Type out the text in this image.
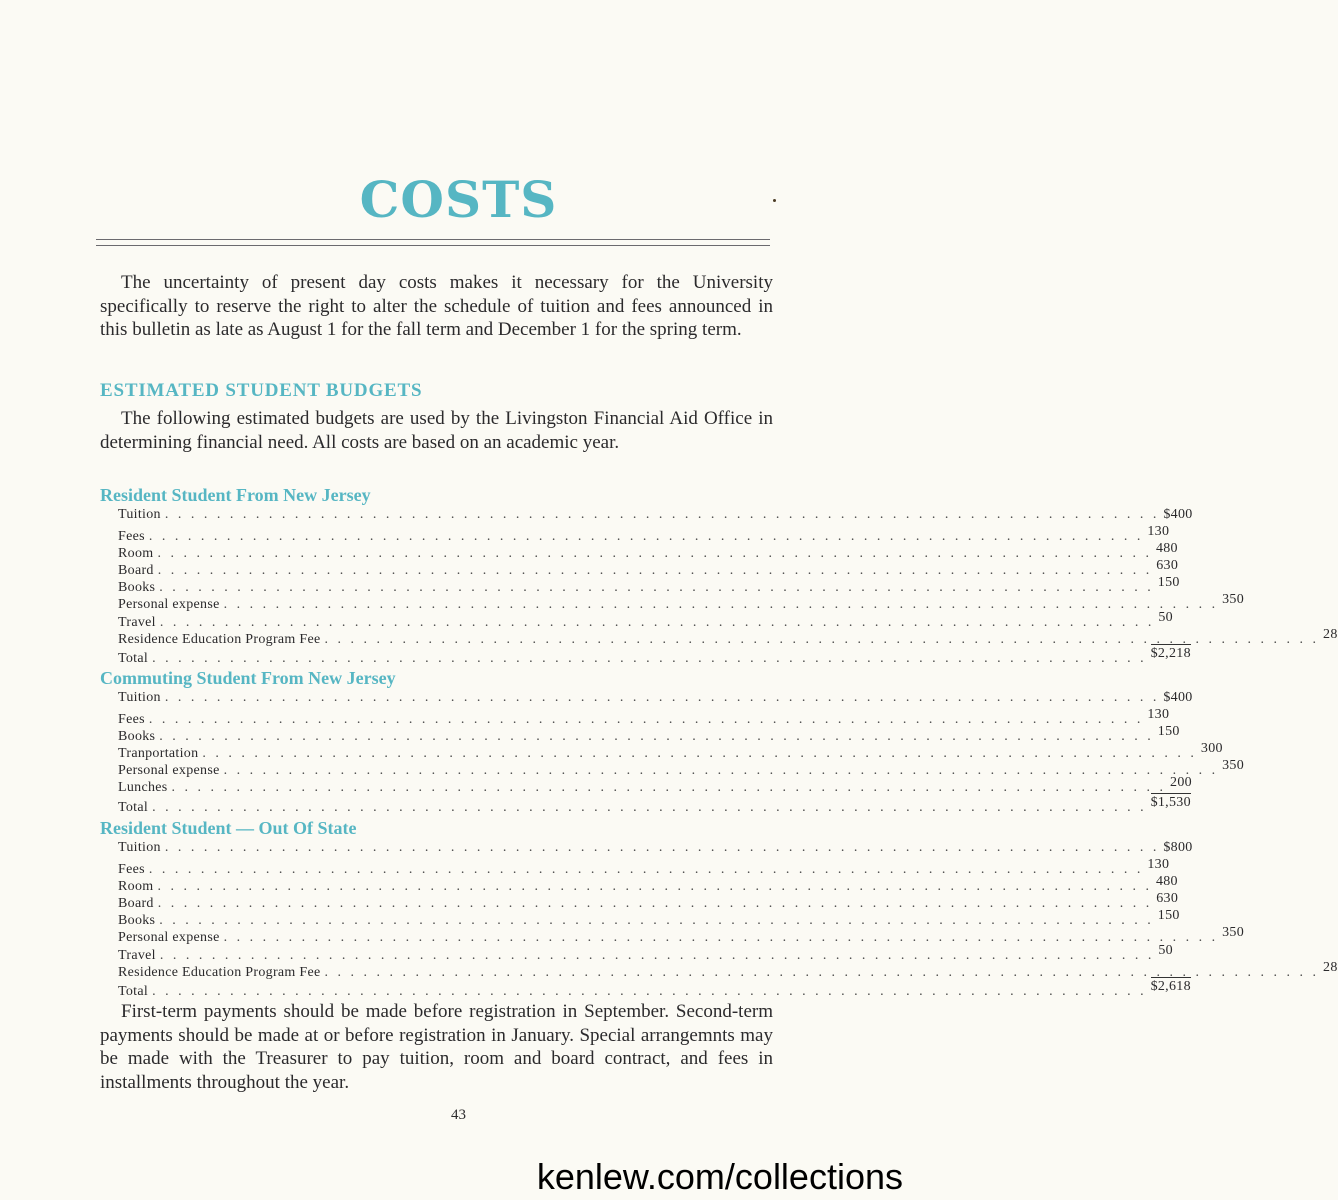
COSTS

The uncertainty of present day costs makes it necessary for the University specifically to reserve the right to alter the schedule of tuition and fees announced in this bulletin as late as August 1 for the fall term and December 1 for the spring term.

ESTIMATED STUDENT BUDGETS

The following estimated budgets are used by the Livingston Financial Aid Office in determining financial need. All costs are based on an academic year.

Resident Student From New Jersey
Tuition . . . . . . . . . . . . . . . . . . . . . . . . . . . . . . . . . . . . . . . . . . . . . . . . . . . . . . . . . . . . . . . . . . . . . . . . . . . . . $ 400
Fees . . . . . . . . . . . . . . . . . . . . . . . . . . . . . . . . . . . . . . . . . . . . . . . . . . . . . . . . . . . . . . . . . . . . . . . . . . . . . 130
Room . . . . . . . . . . . . . . . . . . . . . . . . . . . . . . . . . . . . . . . . . . . . . . . . . . . . . . . . . . . . . . . . . . . . . . . . . . . . . 480
Board . . . . . . . . . . . . . . . . . . . . . . . . . . . . . . . . . . . . . . . . . . . . . . . . . . . . . . . . . . . . . . . . . . . . . . . . . . . . . 630
Books . . . . . . . . . . . . . . . . . . . . . . . . . . . . . . . . . . . . . . . . . . . . . . . . . . . . . . . . . . . . . . . . . . . . . . . . . . . . . 150
Personal expense . . . . . . . . . . . . . . . . . . . . . . . . . . . . . . . . . . . . . . . . . . . . . . . . . . . . . . . . . . . . . . . . . . . . . . . . . . . . . 350
Travel . . . . . . . . . . . . . . . . . . . . . . . . . . . . . . . . . . . . . . . . . . . . . . . . . . . . . . . . . . . . . . . . . . . . . . . . . . . . . 50
Residence Education Program Fee . . . . . . . . . . . . . . . . . . . . . . . . . . . . . . . . . . . . . . . . . . . . . . . . . . . . . . . . . . . . . . . . . . . . . . . . . . . . . 28
Total . . . . . . . . . . . . . . . . . . . . . . . . . . . . . . . . . . . . . . . . . . . . . . . . . . . . . . . . . . . . . . . . . . . . . . . . . . . . . $2,218
Commuting Student From New Jersey
Tuition . . . . . . . . . . . . . . . . . . . . . . . . . . . . . . . . . . . . . . . . . . . . . . . . . . . . . . . . . . . . . . . . . . . . . . . . . . . . . $ 400
Fees . . . . . . . . . . . . . . . . . . . . . . . . . . . . . . . . . . . . . . . . . . . . . . . . . . . . . . . . . . . . . . . . . . . . . . . . . . . . . 130
Books . . . . . . . . . . . . . . . . . . . . . . . . . . . . . . . . . . . . . . . . . . . . . . . . . . . . . . . . . . . . . . . . . . . . . . . . . . . . . 150
Tranportation . . . . . . . . . . . . . . . . . . . . . . . . . . . . . . . . . . . . . . . . . . . . . . . . . . . . . . . . . . . . . . . . . . . . . . . . . . . . . 300
Personal expense . . . . . . . . . . . . . . . . . . . . . . . . . . . . . . . . . . . . . . . . . . . . . . . . . . . . . . . . . . . . . . . . . . . . . . . . . . . . . 350
Lunches . . . . . . . . . . . . . . . . . . . . . . . . . . . . . . . . . . . . . . . . . . . . . . . . . . . . . . . . . . . . . . . . . . . . . . . . . . . . . 200
Total . . . . . . . . . . . . . . . . . . . . . . . . . . . . . . . . . . . . . . . . . . . . . . . . . . . . . . . . . . . . . . . . . . . . . . . . . . . . . $1,530
Resident Student — Out Of State
Tuition . . . . . . . . . . . . . . . . . . . . . . . . . . . . . . . . . . . . . . . . . . . . . . . . . . . . . . . . . . . . . . . . . . . . . . . . . . . . . $ 800
Fees . . . . . . . . . . . . . . . . . . . . . . . . . . . . . . . . . . . . . . . . . . . . . . . . . . . . . . . . . . . . . . . . . . . . . . . . . . . . . 130
Room . . . . . . . . . . . . . . . . . . . . . . . . . . . . . . . . . . . . . . . . . . . . . . . . . . . . . . . . . . . . . . . . . . . . . . . . . . . . . 480
Board . . . . . . . . . . . . . . . . . . . . . . . . . . . . . . . . . . . . . . . . . . . . . . . . . . . . . . . . . . . . . . . . . . . . . . . . . . . . . 630
Books . . . . . . . . . . . . . . . . . . . . . . . . . . . . . . . . . . . . . . . . . . . . . . . . . . . . . . . . . . . . . . . . . . . . . . . . . . . . . 150
Personal expense . . . . . . . . . . . . . . . . . . . . . . . . . . . . . . . . . . . . . . . . . . . . . . . . . . . . . . . . . . . . . . . . . . . . . . . . . . . . . 350
Travel . . . . . . . . . . . . . . . . . . . . . . . . . . . . . . . . . . . . . . . . . . . . . . . . . . . . . . . . . . . . . . . . . . . . . . . . . . . . . 50
Residence Education Program Fee . . . . . . . . . . . . . . . . . . . . . . . . . . . . . . . . . . . . . . . . . . . . . . . . . . . . . . . . . . . . . . . . . . . . . . . . . . . . . 28
Total . . . . . . . . . . . . . . . . . . . . . . . . . . . . . . . . . . . . . . . . . . . . . . . . . . . . . . . . . . . . . . . . . . . . . . . . . . . . . $2,618

First-term payments should be made before registration in September. Second-term payments should be made at or before registration in January. Special arrangemnts may be made with the Treasurer to pay tuition, room and board contract, and fees in installments throughout the year.

43

kenlew.com/collections
